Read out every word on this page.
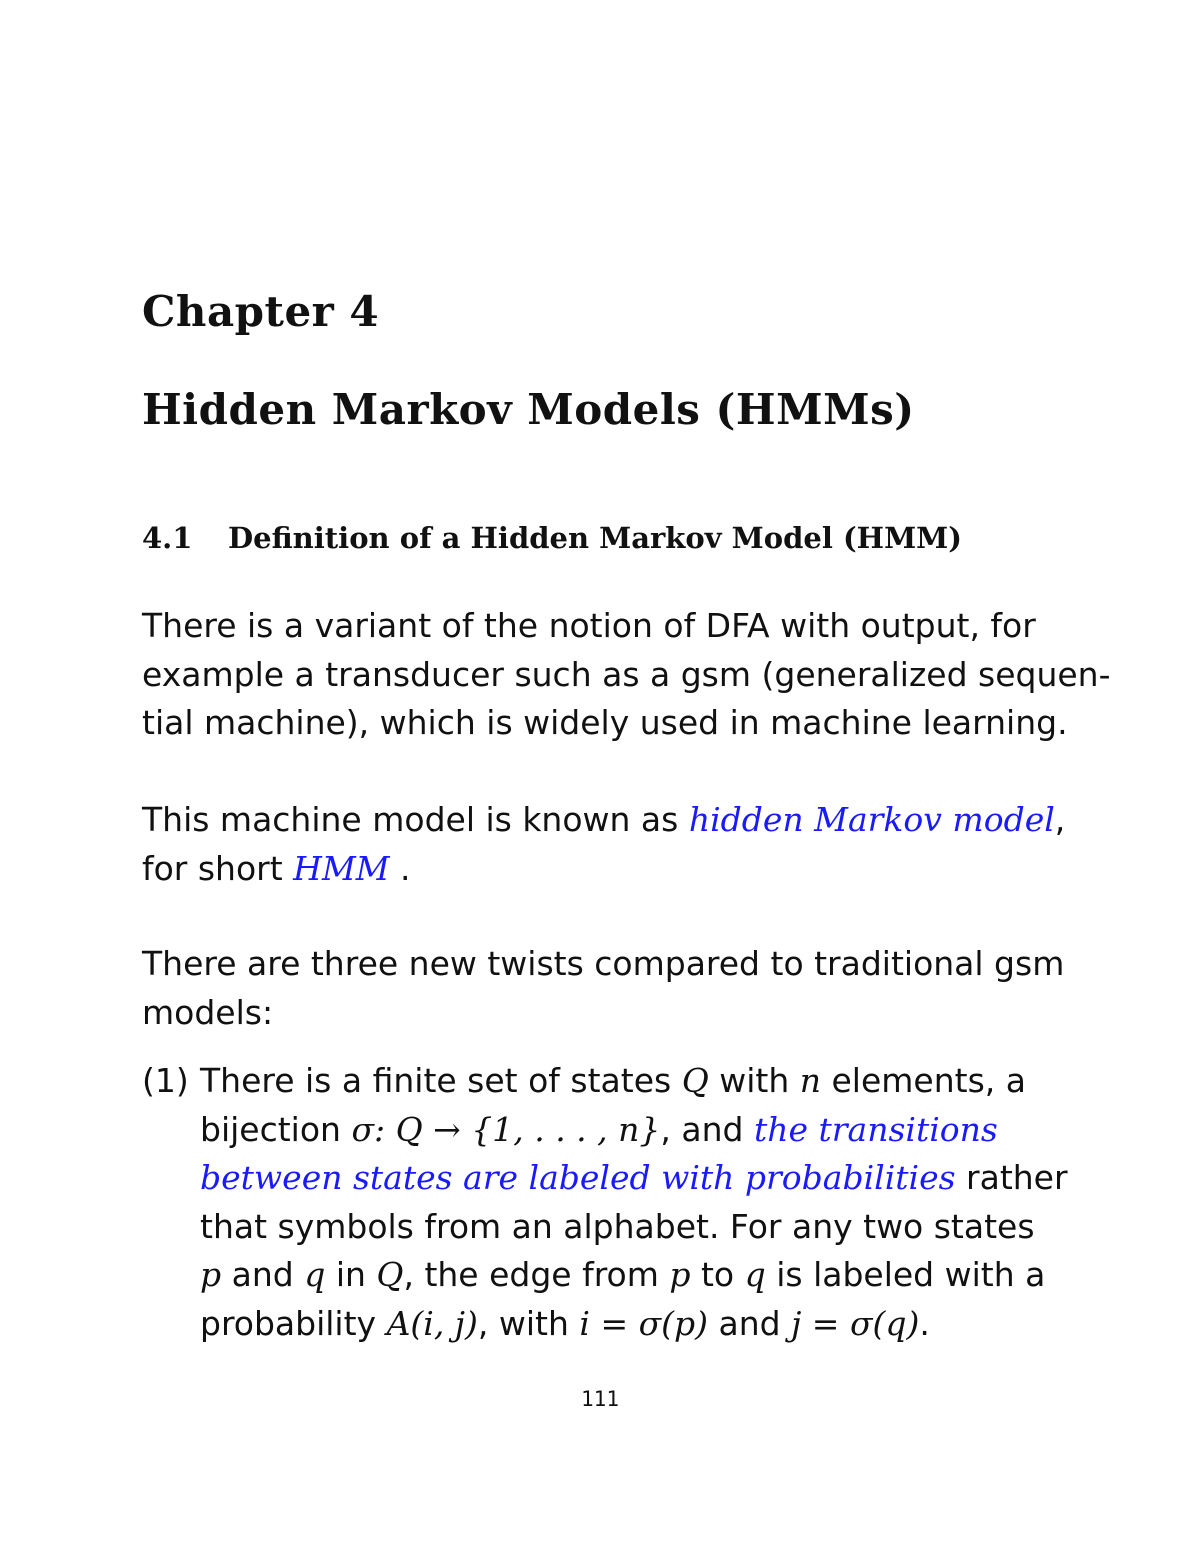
Chapter 4
Hidden Markov Models (HMMs)
4.1 Definition of a Hidden Markov Model (HMM)

There is a variant of the notion of DFA with output, for
example a transducer such as a gsm (generalized sequen-
tial machine), which is widely used in machine learning.

This machine model is known as hidden Markov model,
for short HMM .

There are three new twists compared to traditional gsm
models:

(1) There is a finite set of states Q with n elements, a
bijection σ: Q → {1, . . . , n}, and the transitions
between states are labeled with probabilities rather
that symbols from an alphabet. For any two states
p and q in Q, the edge from p to q is labeled with a
probability A(i, j), with i = σ(p) and j = σ(q).
111
